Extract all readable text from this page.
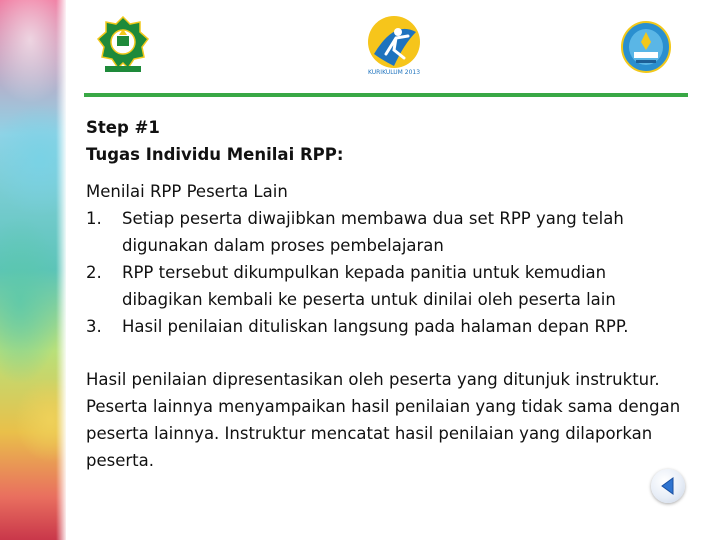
KURIKULUM 2013
Step #1
Tugas Individu Menilai RPP:
Menilai RPP Peserta Lain
1.	Setiap peserta diwajibkan membawa dua set RPP yang telah digunakan dalam proses pembelajaran
2.	RPP tersebut dikumpulkan kepada panitia untuk kemudian dibagikan kembali ke peserta untuk dinilai oleh peserta lain
3.	Hasil penilaian dituliskan langsung pada halaman depan RPP.
Hasil penilaian dipresentasikan oleh peserta yang ditunjuk instruktur. Peserta lainnya menyampaikan hasil penilaian yang tidak sama dengan peserta lainnya. Instruktur mencatat hasil penilaian yang dilaporkan peserta.
